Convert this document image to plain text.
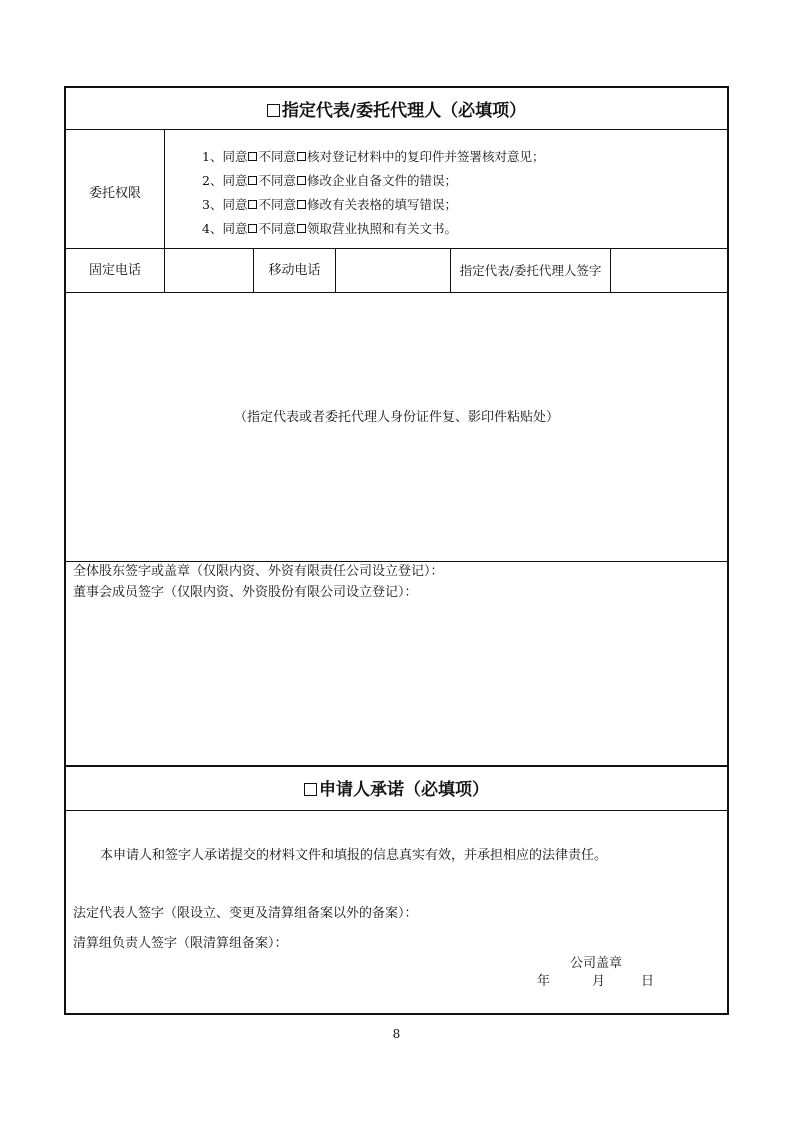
指定代表/委托代理人（必填项）
委托权限
1、同意 不同意 核对登记材料中的复印件并签署核对意见；
2、同意 不同意 修改企业自备文件的错误；
3、同意 不同意 修改有关表格的填写错误；
4、同意 不同意 领取营业执照和有关文书。
固定电话	移动电话	指定代表/委托代理人签字
（指定代表或者委托代理人身份证件复、影印件粘贴处）
全体股东签字或盖章（仅限内资、外资有限责任公司设立登记）：
董事会成员签字（仅限内资、外资股份有限公司设立登记）：
申请人承诺（必填项）
本申请人和签字人承诺提交的材料文件和填报的信息真实有效，并承担相应的法律责任。
法定代表人签字（限设立、变更及清算组备案以外的备案）：
清算组负责人签字（限清算组备案）：
公司盖章
年	月	日
8
